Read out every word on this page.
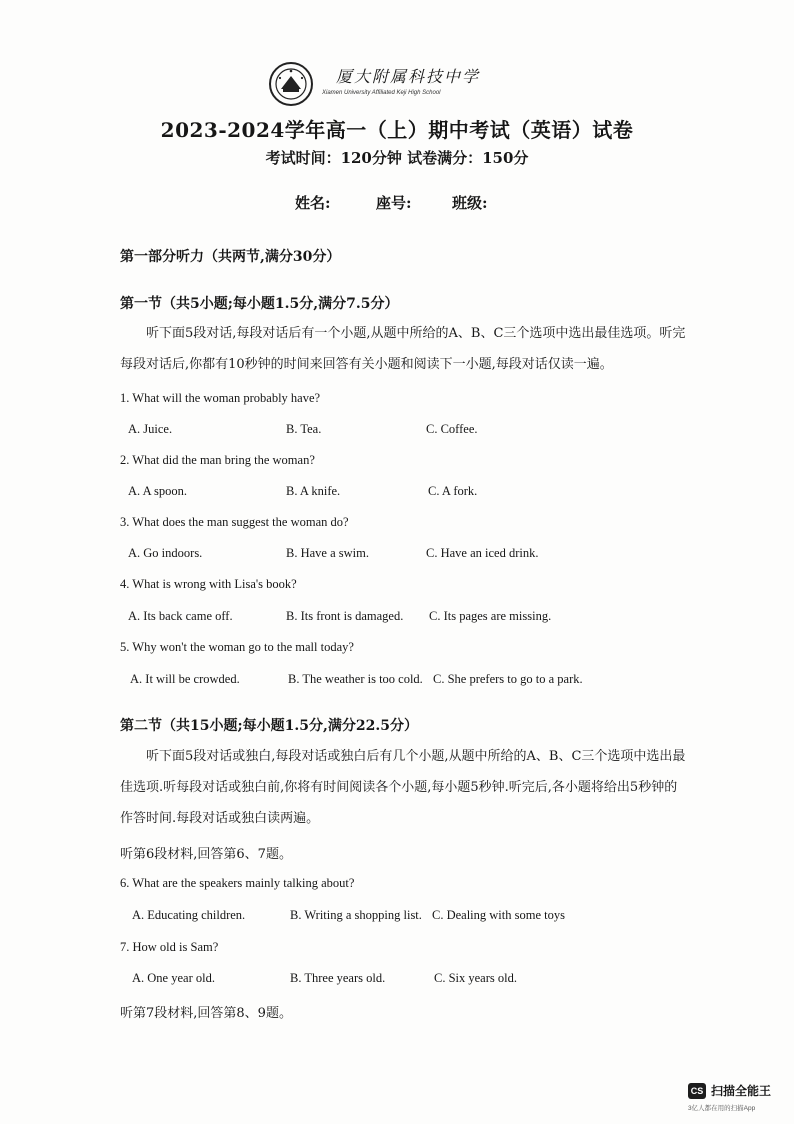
厦大附属科技中学
Xiamen University Affiliated Keji High School
2023-2024学年高一（上）期中考试（英语）试卷
考试时间：120分钟 试卷满分：150分
姓名:	座号:	班级:
第一部分听力（共两节,满分30分）
第一节（共5小题;每小题1.5分,满分7.5分）
听下面5段对话,每段对话后有一个小题,从题中所给的A、B、C三个选项中选出最佳选项。听完每段对话后,你都有10秒钟的时间来回答有关小题和阅读下一小题,每段对话仅读一遍。
1. What will the woman probably have?
A. Juice.	B. Tea.	C. Coffee.
2. What did the man bring the woman?
A. A spoon.	B. A knife.	C. A fork.
3. What does the man suggest the woman do?
A. Go indoors.	B. Have a swim.	C. Have an iced drink.
4. What is wrong with Lisa's book?
A. Its back came off.	B. Its front is damaged. C. Its pages are missing.
5. Why won't the woman go to the mall today?
A. It will be crowded.	B. The weather is too cold. C. She prefers to go to a park.
第二节（共15小题;每小题1.5分,满分22.5分）
听下面5段对话或独白,每段对话或独白后有几个小题,从题中所给的A、B、C三个选项中选出最佳选项.听每段对话或独白前,你将有时间阅读各个小题,每小题5秒钟.听完后,各小题将给出5秒钟的作答时间.每段对话或独白读两遍。
听第6段材料,回答第6、7题。
6. What are the speakers mainly talking about?
A. Educating children.	B. Writing a shopping list. C. Dealing with some toys
7. How old is Sam?
A. One year old.	B. Three years old.	C. Six years old.
听第7段材料,回答第8、9题。
CS 扫描全能王
3亿人都在用的扫描App
